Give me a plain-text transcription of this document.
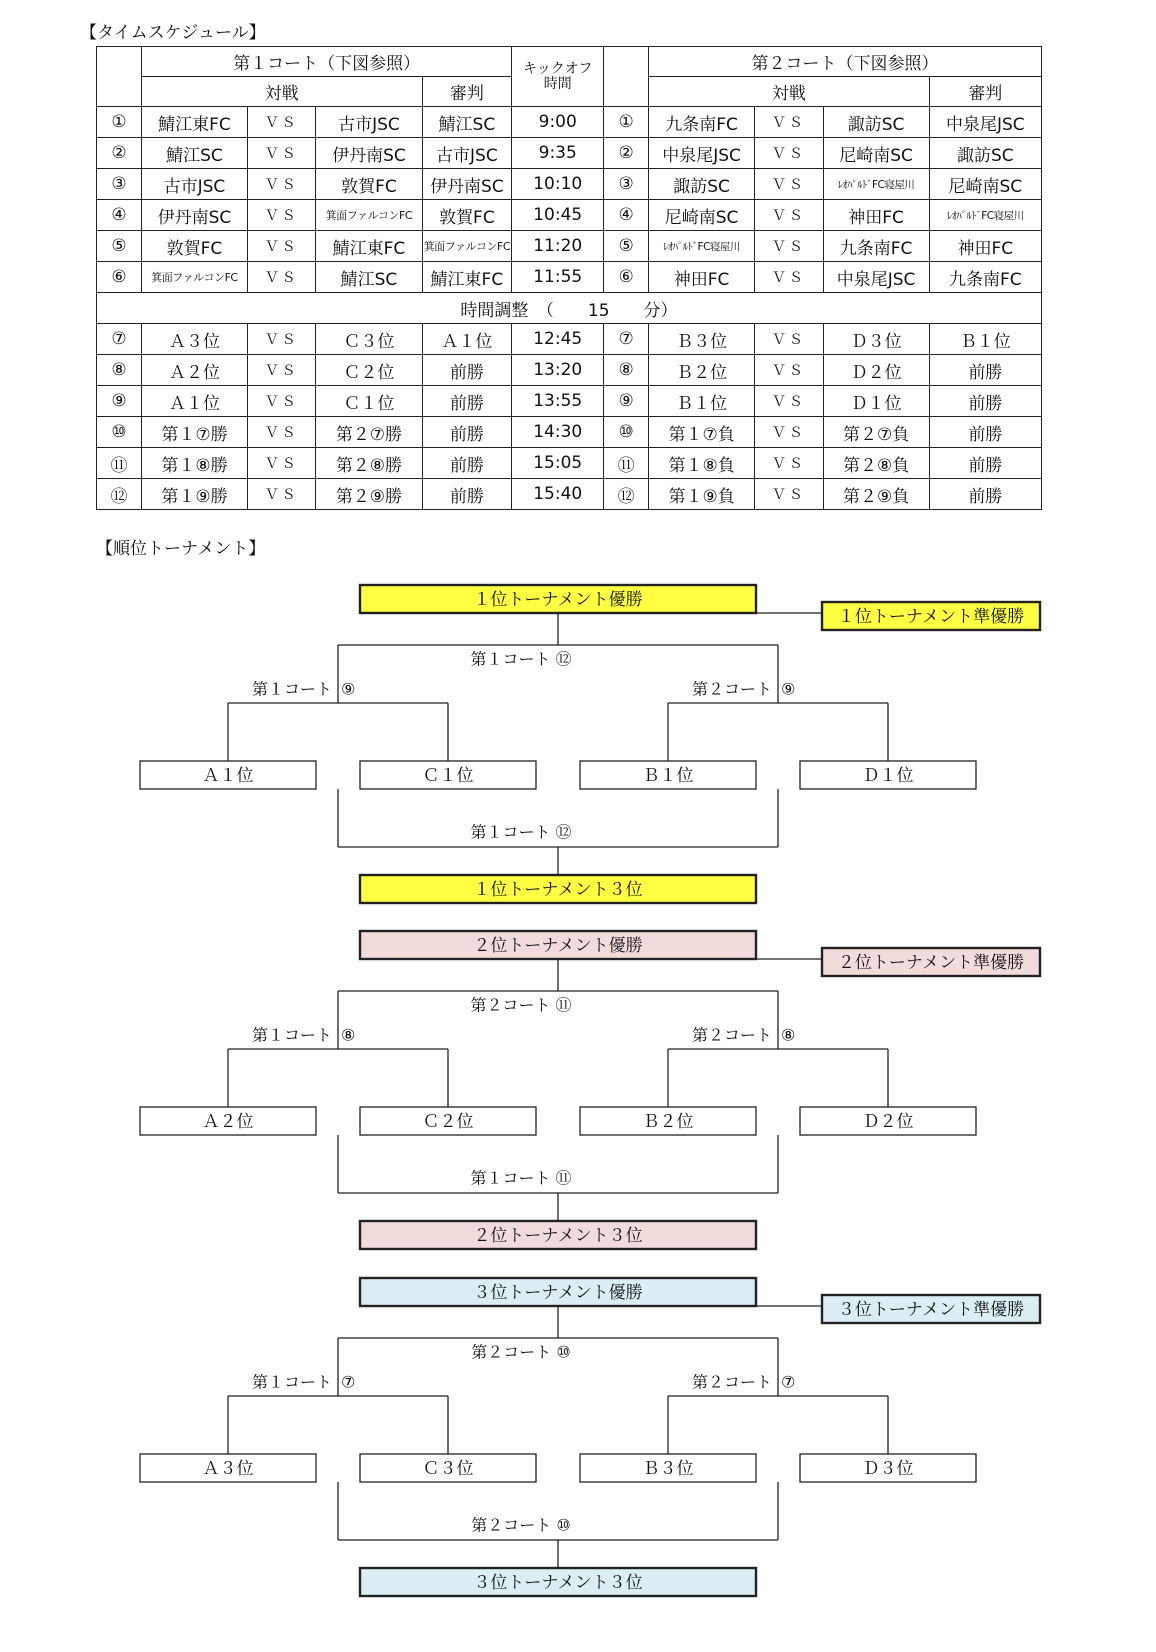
【タイムスケジュール】
	第１コート（下図参照）				キックオフ
時間		第２コート（下図参照）			
	対戦			審判			対戦			審判
①	鯖江東FC	ＶＳ	古市JSC	鯖江SC	9:00	①	九条南FC	ＶＳ	諏訪SC	中泉尾JSC
②	鯖江SC	ＶＳ	伊丹南SC	古市JSC	9:35	②	中泉尾JSC	ＶＳ	尼崎南SC	諏訪SC
③	古市JSC	ＶＳ	敦賀FC	伊丹南SC	10:10	③	諏訪SC	ＶＳ	ﾚｵﾊﾟﾙﾄﾞFC寝屋川	尼崎南SC
④	伊丹南SC	ＶＳ	箕面ファルコンFC	敦賀FC	10:45	④	尼崎南SC	ＶＳ	神田FC	ﾚｵﾊﾟﾙﾄﾞFC寝屋川
⑤	敦賀FC	ＶＳ	鯖江東FC	箕面ファルコンFC	11:20	⑤	ﾚｵﾊﾟﾙﾄﾞFC寝屋川	ＶＳ	九条南FC	神田FC
⑥	箕面ファルコンFC	ＶＳ	鯖江SC	鯖江東FC	11:55	⑥	神田FC	ＶＳ	中泉尾JSC	九条南FC
時間調整　（　　15　　分）										
⑦	Ａ３位	ＶＳ	Ｃ３位	Ａ１位	12:45	⑦	Ｂ３位	ＶＳ	Ｄ３位	Ｂ１位
⑧	Ａ２位	ＶＳ	Ｃ２位	前勝	13:20	⑧	Ｂ２位	ＶＳ	Ｄ２位	前勝
⑨	Ａ１位	ＶＳ	Ｃ１位	前勝	13:55	⑨	Ｂ１位	ＶＳ	Ｄ１位	前勝
⑩	第１⑦勝	ＶＳ	第２⑦勝	前勝	14:30	⑩	第１⑦負	ＶＳ	第２⑦負	前勝
⑪	第１⑧勝	ＶＳ	第２⑧勝	前勝	15:05	⑪	第１⑧負	ＶＳ	第２⑧負	前勝
⑫	第１⑨勝	ＶＳ	第２⑨勝	前勝	15:40	⑫	第１⑨負	ＶＳ	第２⑨負	前勝
【順位トーナメント】
１位トーナメント優勝
１位トーナメント準優勝
第１コート ⑫
第１コート ⑨	第２コート ⑨
Ａ１位	Ｃ１位	Ｂ１位	Ｄ１位
第１コート ⑫
１位トーナメント３位
２位トーナメント優勝
２位トーナメント準優勝
第２コート ⑪
第１コート ⑧	第２コート ⑧
Ａ２位	Ｃ２位	Ｂ２位	Ｄ２位
第１コート ⑪
２位トーナメント３位
３位トーナメント優勝
３位トーナメント準優勝
第２コート ⑩
第１コート ⑦	第２コート ⑦
Ａ３位	Ｃ３位	Ｂ３位	Ｄ３位
第２コート ⑩
３位トーナメント３位
